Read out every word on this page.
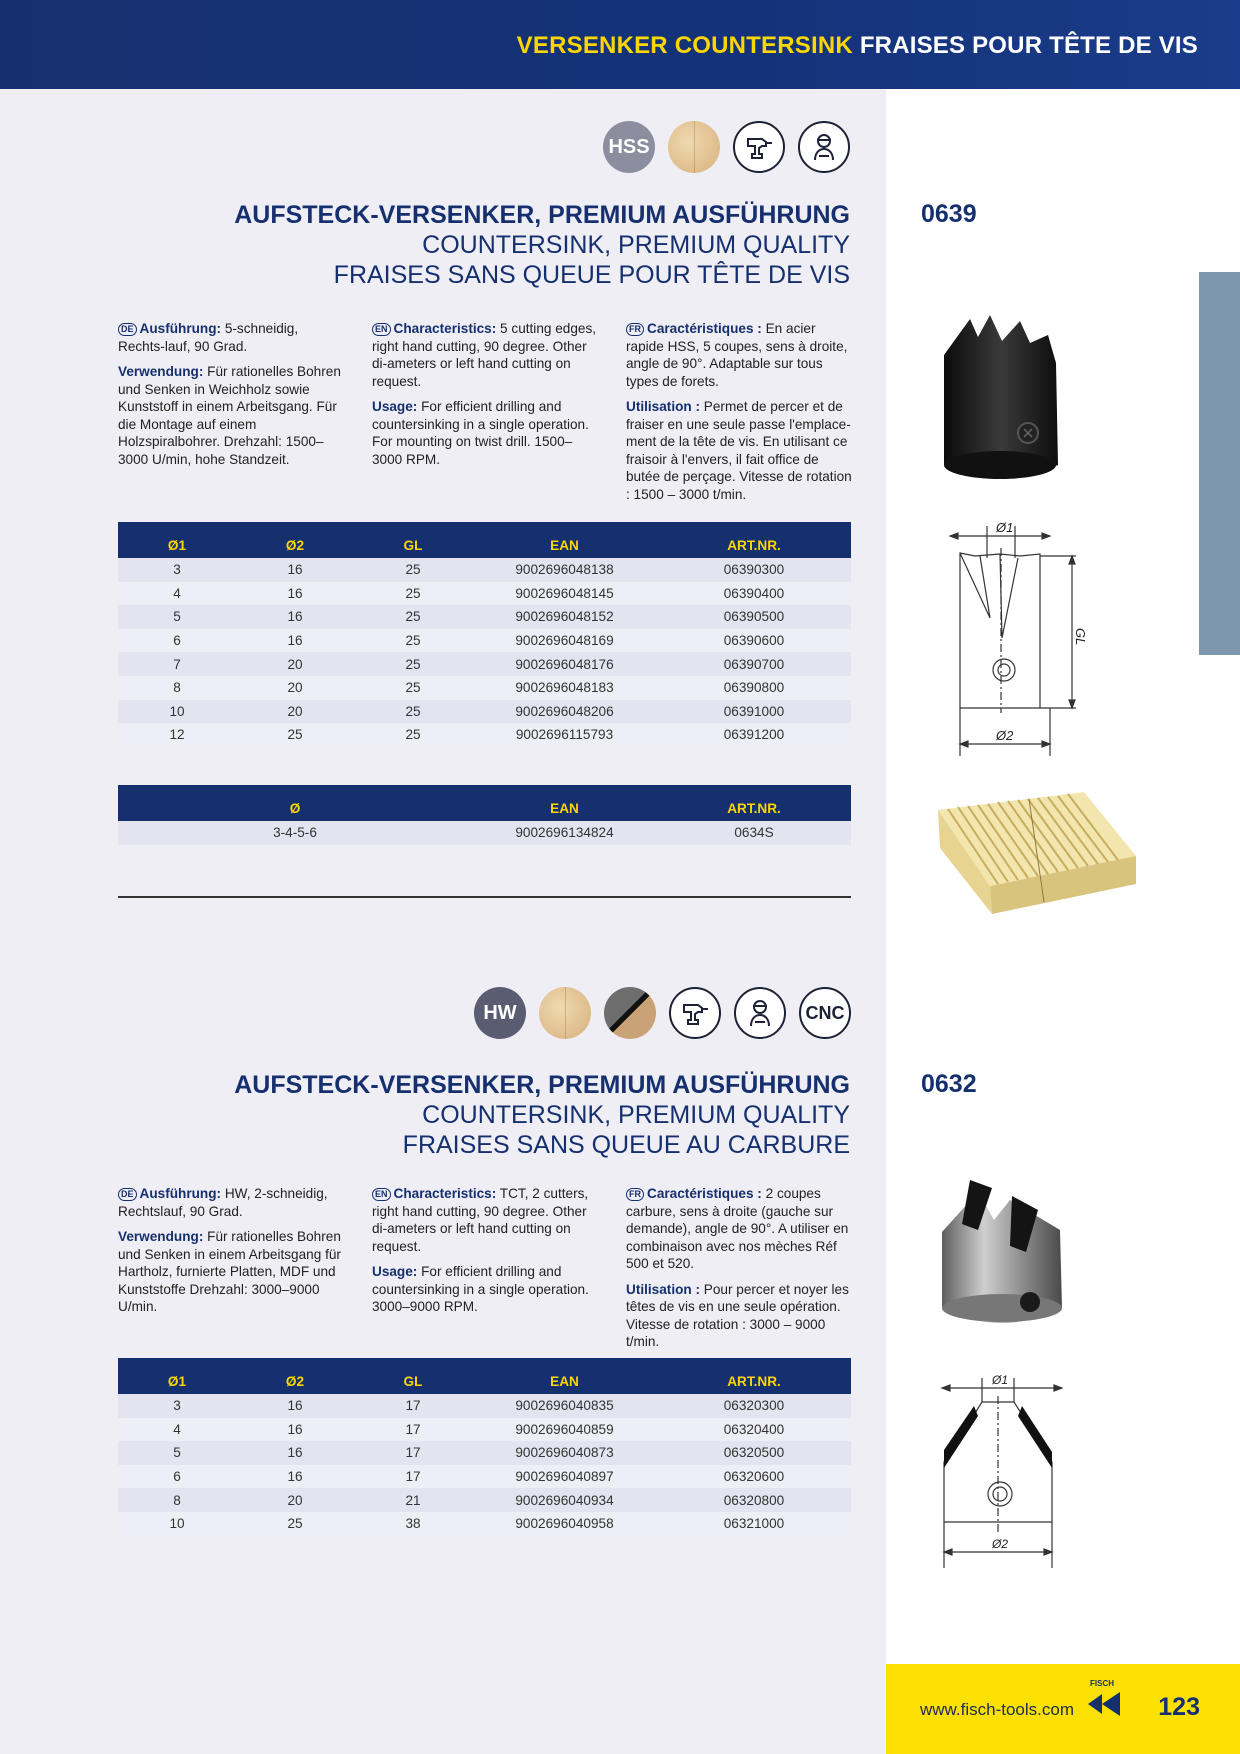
VERSENKER COUNTERSINK FRAISES POUR TÊTE DE VIS
HSS
AUFSTECK-VERSENKER, PREMIUM AUSFÜHRUNG
COUNTERSINK, PREMIUM QUALITY
FRAISES SANS QUEUE POUR TÊTE DE VIS
0639

DE Ausführung: 5-schneidig, Rechts-lauf, 90 Grad.

Verwendung: Für rationelles Bohren und Senken in Weichholz sowie Kunststoff in einem Arbeitsgang. Für die Montage auf einem Holzspiralbohrer. Drehzahl: 1500–3000 U/min, hohe Standzeit.

EN Characteristics: 5 cutting edges, right hand cutting, 90 degree. Other di-ameters or left hand cutting on request.

Usage: For efficient drilling and countersinking in a single operation. For mounting on twist drill. 1500–3000 RPM.

FR Caractéristiques : En acier rapide HSS, 5 coupes, sens à droite, angle de 90°. Adaptable sur tous types de forets.

Utilisation : Permet de percer et de fraiser en une seule passe l'emplace-ment de la tête de vis. En utilisant ce fraisoir à l'envers, il fait office de butée de perçage. Vitesse de rotation : 1500 – 3000 t/min.

Ø1	Ø2	GL	EAN	ART.NR.
3	16	25	9002696048138	06390300
4	16	25	9002696048145	06390400
5	16	25	9002696048152	06390500
6	16	25	9002696048169	06390600
7	20	25	9002696048176	06390700
8	20	25	9002696048183	06390800
10	20	25	9002696048206	06391000
12	25	25	9002696115793	06391200
Ø	EAN	ART.NR.
3-4-5-6	9002696134824	0634S
Ø1
Ø2
GL
HW	CNC
AUFSTECK-VERSENKER, PREMIUM AUSFÜHRUNG
COUNTERSINK, PREMIUM QUALITY
FRAISES SANS QUEUE AU CARBURE
0632

DE Ausführung: HW, 2-schneidig, Rechtslauf, 90 Grad.

Verwendung: Für rationelles Bohren und Senken in einem Arbeitsgang für Hartholz, furnierte Platten, MDF und Kunststoffe Drehzahl: 3000–9000 U/min.

EN Characteristics: TCT, 2 cutters, right hand cutting, 90 degree. Other di-ameters or left hand cutting on request.

Usage: For efficient drilling and countersinking in a single operation. 3000–9000 RPM.

FR Caractéristiques : 2 coupes carbure, sens à droite (gauche sur demande), angle de 90°. A utiliser en combinaison avec nos mèches Réf 500 et 520.

Utilisation : Pour percer et noyer les têtes de vis en une seule opération. Vitesse de rotation : 3000 – 9000 t/min.

Ø1	Ø2	GL	EAN	ART.NR.
3	16	17	9002696040835	06320300
4	16	17	9002696040859	06320400
5	16	17	9002696040873	06320500
6	16	17	9002696040897	06320600
8	20	21	9002696040934	06320800
10	25	38	9002696040958	06321000
Ø1
Ø2
www.fisch-tools.com
FISCH
123
